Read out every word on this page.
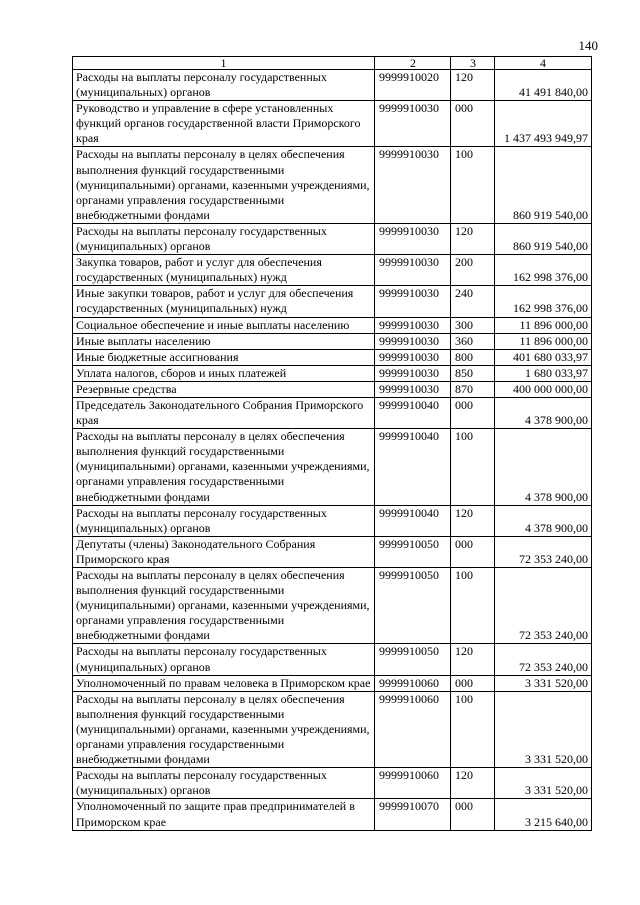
140
1	2	3	4
Расходы на выплаты персоналу государственных (муниципальных) органов	9999910020	120	41 491 840,00
Руководство и управление в сфере установленных функций органов государственной власти Приморского края	9999910030	000	1 437 493 949,97
Расходы на выплаты персоналу в целях обеспечения выполнения функций государственными (муниципальными) органами, казенными учреждениями, органами управления государственными внебюджетными фондами	9999910030	100	860 919 540,00
Расходы на выплаты персоналу государственных (муниципальных) органов	9999910030	120	860 919 540,00
Закупка товаров, работ и услуг для обеспечения государственных (муниципальных) нужд	9999910030	200	162 998 376,00
Иные закупки товаров, работ и услуг для обеспечения государственных (муниципальных) нужд	9999910030	240	162 998 376,00
Социальное обеспечение и иные выплаты населению	9999910030	300	11 896 000,00
Иные выплаты населению	9999910030	360	11 896 000,00
Иные бюджетные ассигнования	9999910030	800	401 680 033,97
Уплата налогов, сборов и иных платежей	9999910030	850	1 680 033,97
Резервные средства	9999910030	870	400 000 000,00
Председатель Законодательного Собрания Приморского края	9999910040	000	4 378 900,00
Расходы на выплаты персоналу в целях обеспечения выполнения функций государственными (муниципальными) органами, казенными учреждениями, органами управления государственными внебюджетными фондами	9999910040	100	4 378 900,00
Расходы на выплаты персоналу государственных (муниципальных) органов	9999910040	120	4 378 900,00
Депутаты (члены) Законодательного Собрания Приморского края	9999910050	000	72 353 240,00
Расходы на выплаты персоналу в целях обеспечения выполнения функций государственными (муниципальными) органами, казенными учреждениями, органами управления государственными внебюджетными фондами	9999910050	100	72 353 240,00
Расходы на выплаты персоналу государственных (муниципальных) органов	9999910050	120	72 353 240,00
Уполномоченный по правам человека в Приморском крае	9999910060	000	3 331 520,00
Расходы на выплаты персоналу в целях обеспечения выполнения функций государственными (муниципальными) органами, казенными учреждениями, органами управления государственными внебюджетными фондами	9999910060	100	3 331 520,00
Расходы на выплаты персоналу государственных (муниципальных) органов	9999910060	120	3 331 520,00
Уполномоченный по защите прав предпринимателей в Приморском крае	9999910070	000	3 215 640,00
